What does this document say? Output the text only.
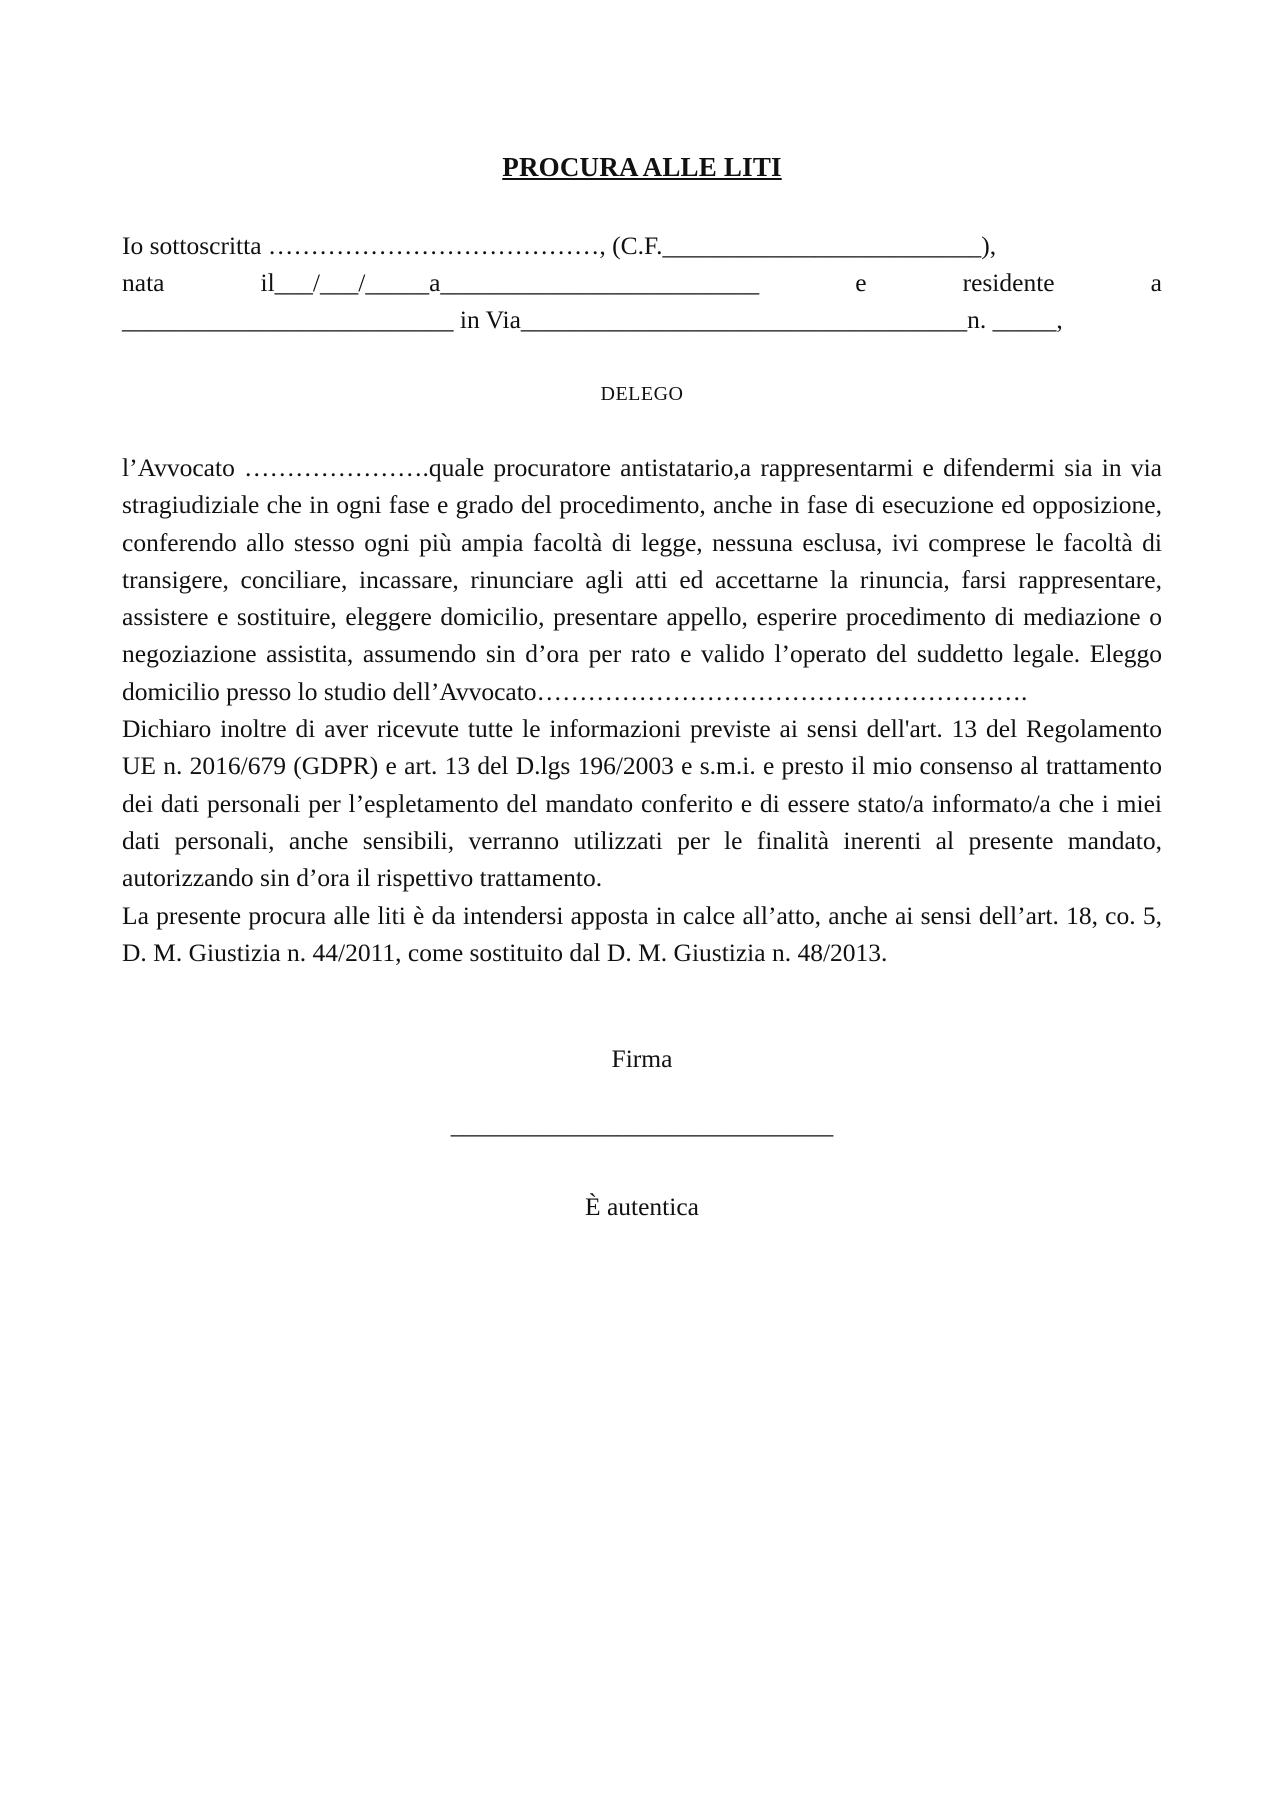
PROCURA ALLE LITI
Io sottoscritta …………………………………, (C.F._________________________),
nata	il___/___/_____a_________________________	e	residente	a
__________________________ in Via___________________________________n. _____,
DELEGO

l’Avvocato ………………….quale procuratore antistatario,a rappresentarmi e difendermi sia in via stragiudiziale che in ogni fase e grado del procedimento, anche in fase di esecuzione ed opposizione, conferendo allo stesso ogni più ampia facoltà di legge, nessuna esclusa, ivi comprese le facoltà di transigere, conciliare, incassare, rinunciare agli atti ed accettarne la rinuncia, farsi rappresentare, assistere e sostituire, eleggere domicilio, presentare appello, esperire procedimento di mediazione o negoziazione assistita, assumendo sin d’ora per rato e valido l’operato del suddetto legale. Eleggo domicilio presso lo studio dell’Avvocato………………………………………………….

Dichiaro inoltre di aver ricevute tutte le informazioni previste ai sensi dell'art. 13 del Regolamento UE n. 2016/679 (GDPR) e art. 13 del D.lgs 196/2003 e s.m.i. e presto il mio consenso al trattamento dei dati personali per l’espletamento del mandato conferito e di essere stato/a informato/a che i miei dati personali, anche sensibili, verranno utilizzati per le finalità inerenti al presente mandato, autorizzando sin d’ora il rispettivo trattamento.

La presente procura alle liti è da intendersi apposta in calce all’atto, anche ai sensi dell’art. 18, co. 5, D. M. Giustizia n. 44/2011, come sostituito dal D. M. Giustizia n. 48/2013.

Firma
______________________________
È autentica
